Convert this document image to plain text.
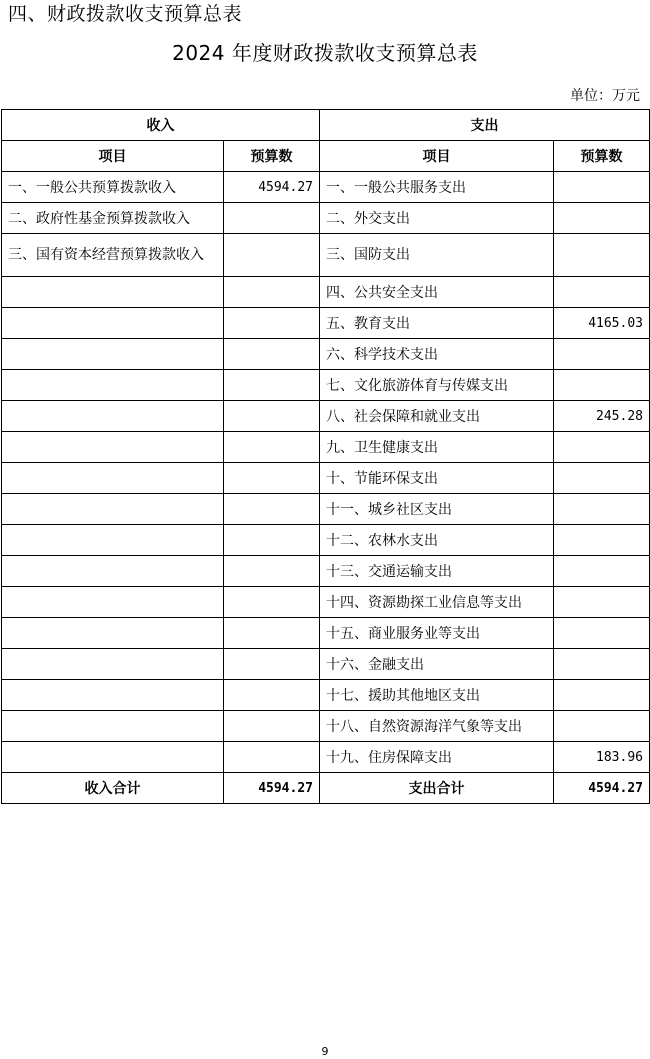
四、财政拨款收支预算总表
2024 年度财政拨款收支预算总表
单位：万元
收入		支出	
项目	预算数	项目	预算数
一、一般公共预算拨款收入	4594.27	一、一般公共服务支出	
二、政府性基金预算拨款收入		二、外交支出	
三、国有资本经营预算拨款收入		三、国防支出	
		四、公共安全支出	
		五、教育支出	4165.03
		六、科学技术支出	
		七、文化旅游体育与传媒支出	
		八、社会保障和就业支出	245.28
		九、卫生健康支出	
		十、节能环保支出	
		十一、城乡社区支出	
		十二、农林水支出	
		十三、交通运输支出	
		十四、资源勘探工业信息等支出	
		十五、商业服务业等支出	
		十六、金融支出	
		十七、援助其他地区支出	
		十八、自然资源海洋气象等支出	
		十九、住房保障支出	183.96
收入合计	4594.27	支出合计	4594.27
9
